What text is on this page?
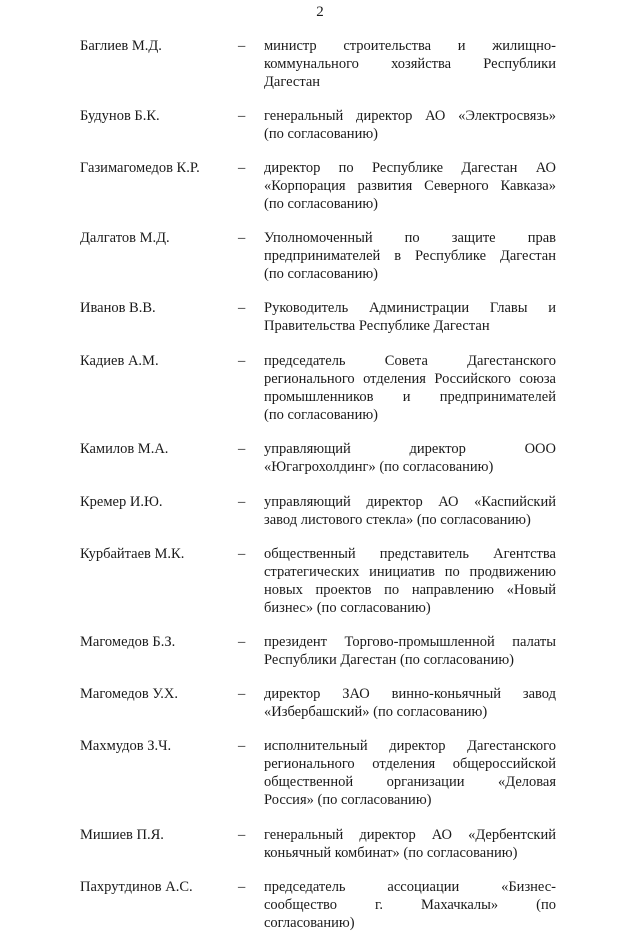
2
Баглиев М.Д.	– министр строительства и жилищно-
коммунального хозяйства Республики
Дагестан
Будунов Б.К.	– генеральный директор АО «Электросвязь»
(по согласованию)
Газимагомедов К.Р.	– директор по Республике Дагестан АО
«Корпорация развития Северного Кавказа»
(по согласованию)
Далгатов М.Д.	– Уполномоченный по защите прав
предпринимателей в Республике Дагестан
(по согласованию)
Иванов В.В.	– Руководитель Администрации Главы и
Правительства Республике Дагестан
Кадиев А.М.	– председатель Совета Дагестанского
регионального отделения Российского союза
промышленников и предпринимателей
(по согласованию)
Камилов М.А.	– управляющий директор ООО
«Югагрохолдинг» (по согласованию)
Кремер И.Ю.	– управляющий директор АО «Каспийский
завод листового стекла» (по согласованию)
Курбайтаев М.К.	– общественный представитель Агентства
стратегических инициатив по продвижению
новых проектов по направлению «Новый
бизнес» (по согласованию)
Магомедов Б.З.	– президент Торгово-промышленной палаты
Республики Дагестан (по согласованию)
Магомедов У.Х.	– директор ЗАО винно-коньячный завод
«Избербашский» (по согласованию)
Махмудов З.Ч.	– исполнительный директор Дагестанского
регионального отделения общероссийской
общественной организации «Деловая
Россия» (по согласованию)
Мишиев П.Я.	– генеральный директор АО «Дербентский
коньячный комбинат» (по согласованию)
Пахрутдинов А.С.	– председатель ассоциации «Бизнес-
сообщество г. Махачкалы» (по
согласованию)
